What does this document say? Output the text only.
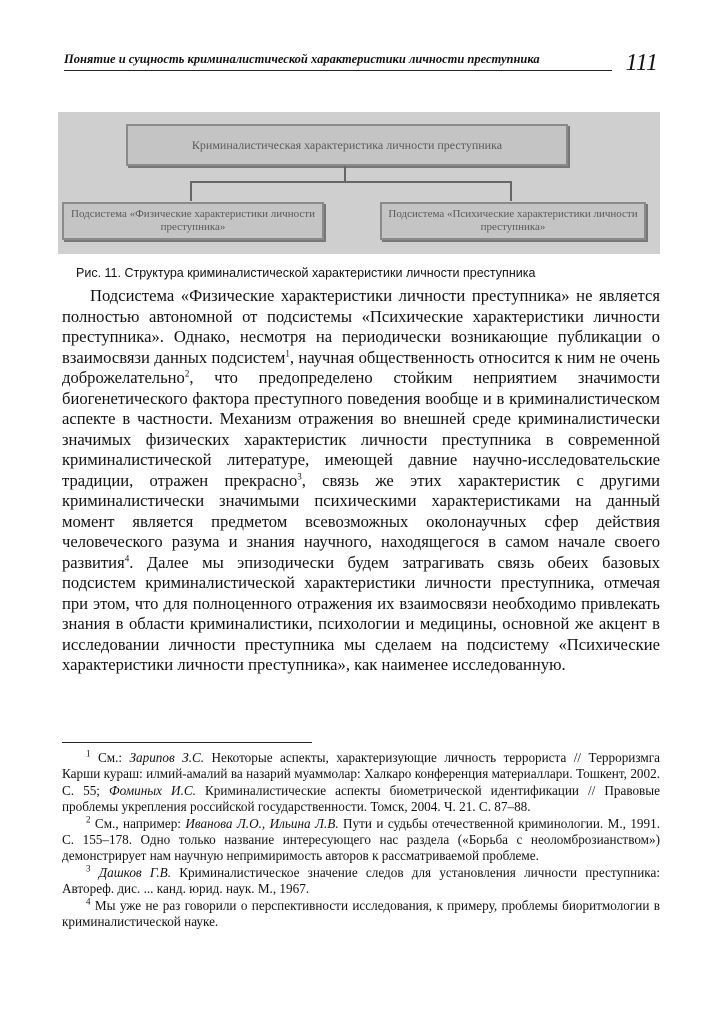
Понятие и сущность криминалистической характеристики личности преступника	111
Криминалистическая характеристика личности преступника
Подсистема «Физические характеристики личности преступника»
Подсистема «Психические характеристики личности преступника»
Рис. 11. Структура криминалистической характеристики личности преступника

Подсистема «Физические характеристики личности преступника» не является полностью автономной от подсистемы «Психические характеристики личности преступника». Однако, несмотря на периодически возникающие публикации о взаимосвязи данных подсистем$^1$, научная общественность относится к ним не очень доброжелательно$^2$, что предопределено стойким неприятием значимости биогенетического фактора преступного поведения вообще и в криминалистическом аспекте в частности. Механизм отражения во внешней среде криминалистически значимых физических характеристик личности преступника в современной криминалистической литературе, имеющей давние научно-исследовательские традиции, отражен прекрасно$^3$, связь же этих характеристик с другими криминалистически значимыми психическими характеристиками на данный момент является предметом всевозможных околонаучных сфер действия человеческого разума и знания научного, находящегося в самом начале своего развития$^4$. Далее мы эпизодически будем затрагивать связь обеих базовых подсистем криминалистической характеристики личности преступника, отмечая при этом, что для полноценного отражения их взаимосвязи необходимо привлекать знания в области криминалистики, психологии и медицины, основной же акцент в исследовании личности преступника мы сделаем на подсистему «Психические характеристики личности преступника», как наименее исследованную.

$^1$ См.: Зарипов З.С. Некоторые аспекты, характеризующие личность террориста // Терроризмга Карши кураш: илмий-амалий ва назарий муаммолар: Халкаро конференция материаллари. Тошкент, 2002. С. 55; Фоминых И.С. Криминалистические аспекты биометрической идентификации // Правовые проблемы укрепления российской государственности. Томск, 2004. Ч. 21. С. 87–88.

$^2$ См., например: Иванова Л.О., Ильина Л.В. Пути и судьбы отечественной криминологии. М., 1991. С. 155–178. Одно только название интересующего нас раздела («Борьба с неоломброзианством») демонстрирует нам научную непримиримость авторов к рассматриваемой проблеме.

$^3$ Дашков Г.В. Криминалистическое значение следов для установления личности преступника: Автореф. дис. ... канд. юрид. наук. М., 1967.

$^4$ Мы уже не раз говорили о перспективности исследования, к примеру, проблемы биоритмологии в криминалистической науке.
